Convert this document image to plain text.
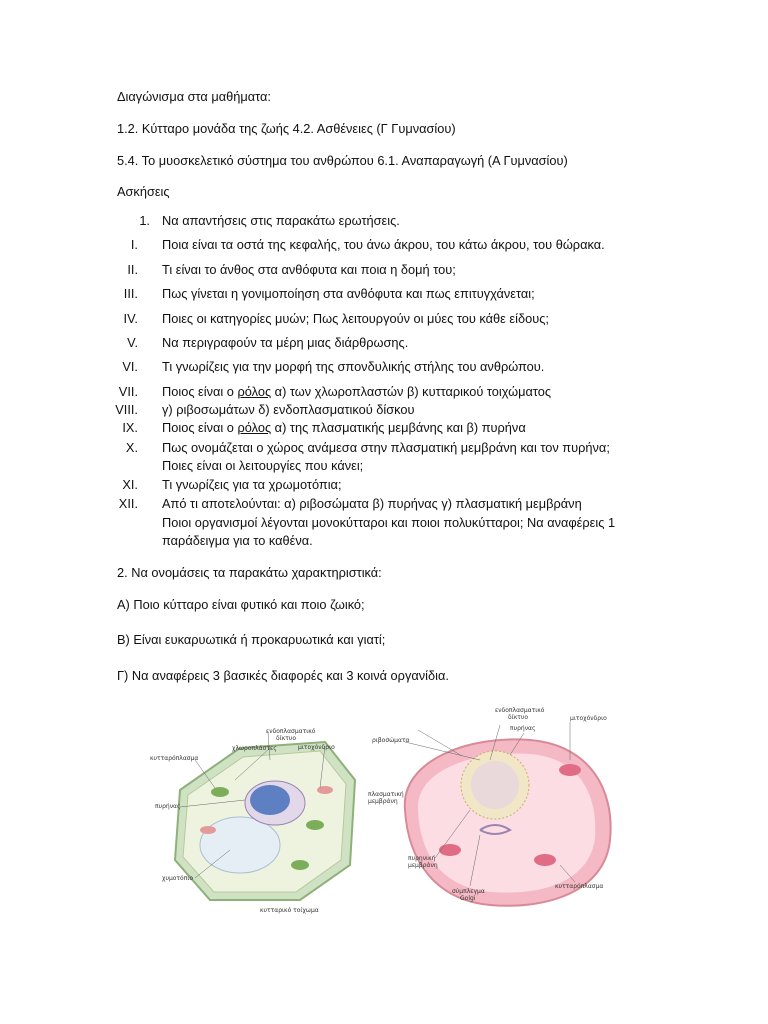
Διαγώνισμα στα μαθήματα:
1.2. Κύτταρο μονάδα της ζωής 4.2. Ασθένειες (Γ Γυμνασίου)
5.4. Το μυοσκελετικό σύστημα του ανθρώπου 6.1. Αναπαραγωγή (Α Γυμνασίου)
Ασκήσεις
1. Να απαντήσεις στις παρακάτω ερωτήσεις.
I. Ποια είναι τα οστά της κεφαλής, του άνω άκρου, του κάτω άκρου, του θώρακα.
II. Τι είναι το άνθος στα ανθόφυτα και ποια η δομή του;
III. Πως γίνεται η γονιμοποίηση στα ανθόφυτα και πως επιτυγχάνεται;
IV. Ποιες οι κατηγορίες μυών; Πως λειτουργούν οι μύες του κάθε είδους;
V. Να περιγραφούν τα μέρη μιας διάρθρωσης.
VI. Τι γνωρίζεις για την μορφή της σπονδυλικής στήλης του ανθρώπου.
VII. Ποιος είναι ο ρόλος α) των χλωροπλαστών β) κυτταρικού τοιχώματος
VIII. γ) ριβοσωμάτων δ) ενδοπλασματικού δίσκου
IX. Ποιος είναι ο ρόλος α) της πλασματικής μεμβάνης και β) πυρήνα
X. Πως ονομάζεται ο χώρος ανάμεσα στην πλασματική μεμβράνη και τον πυρήνα;
Ποιες είναι οι λειτουργίες που κάνει;
XI. Τι γνωρίζεις για τα χρωμοτόπια;
XII. Από τι αποτελούνται: α) ριβοσώματα β) πυρήνας γ) πλασματική μεμβράνη
Ποιοι οργανισμοί λέγονται μονοκύτταροι και ποιοι πολυκύτταροι; Να αναφέρεις 1
παράδειγμα για το καθένα.
2. Να ονομάσεις τα παρακάτω χαρακτηριστικά:
Α) Ποιο κύτταρο είναι φυτικό και ποιο ζωικό;
Β) Είναι ευκαρυωτικά ή προκαρυωτικά και γιατί;
Γ) Να αναφέρεις 3 βασικές διαφορές και 3 κοινά οργανίδια.
χλωροπλάστες
ενδοπλασματικό
δίκτυο
μιτοχόνδριο
κυτταρόπλασμα
πυρήνας
χυμοτόπιο
κυτταρικό τοίχωμα
ριβοσώματα
πλασματική
μεμβράνη
πυρηνική
μεμβράνη
σύμπλεγμα
Golgi
πυρήνας
ενδοπλασματικό
δίκτυο	μιτοχόνδριο
κυτταρόπλασμα
